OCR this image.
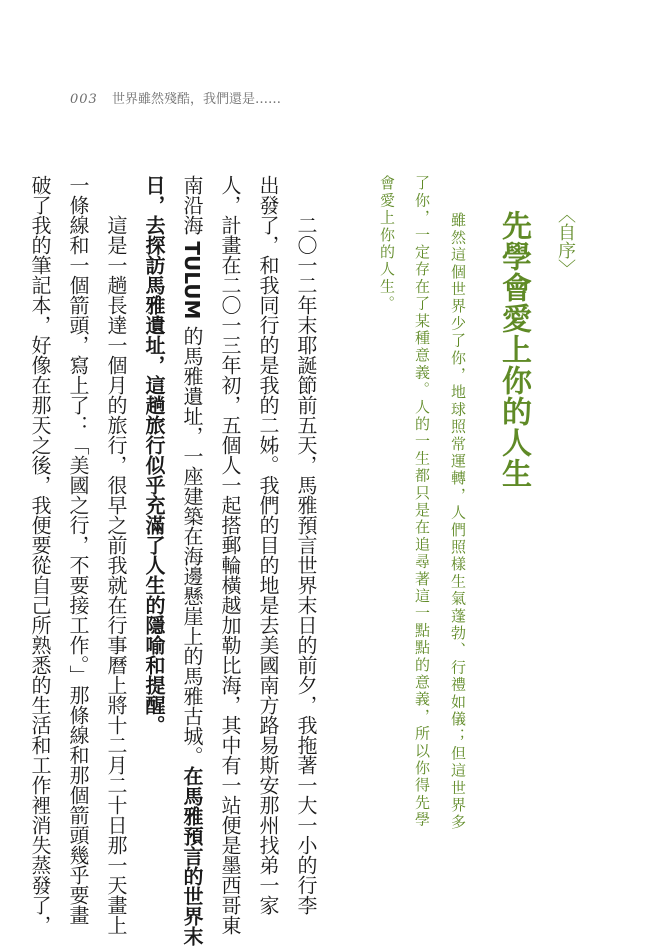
003 世界雖然殘酷，我們還是……
〈自序〉
先學會愛上你的人生
雖然這個世界少了你，地球照常運轉，人們照樣生氣蓬勃、行禮如儀；但這世界多
了你，一定存在了某種意義。人的一生都只是在追尋著這一點點的意義，所以你得先學
會愛上你的人生。
二〇一二年末耶誕節前五天，馬雅預言世界末日的前夕，我拖著一大一小的行李
出發了，和我同行的是我的二姊。我們的目的地是去美國南方路易斯安那州找弟一家
人，計畫在二〇一三年初，五個人一起搭郵輪橫越加勒比海，其中有一站便是墨西哥東
南沿海 TULUM 的馬雅遺址，一座建築在海邊懸崖上的馬雅古城。在馬雅預言的世界末
日，去探訪馬雅遺址，這趟旅行似乎充滿了人生的隱喻和提醒。
這是一趟長達一個月的旅行，很早之前我就在行事曆上將十二月二十日那一天畫上
一條線和一個箭頭，寫上了：「美國之行，不要接工作。」那條線和那個箭頭幾乎要畫
破了我的筆記本，好像在那天之後，我便要從自己所熟悉的生活和工作裡消失蒸發了，
